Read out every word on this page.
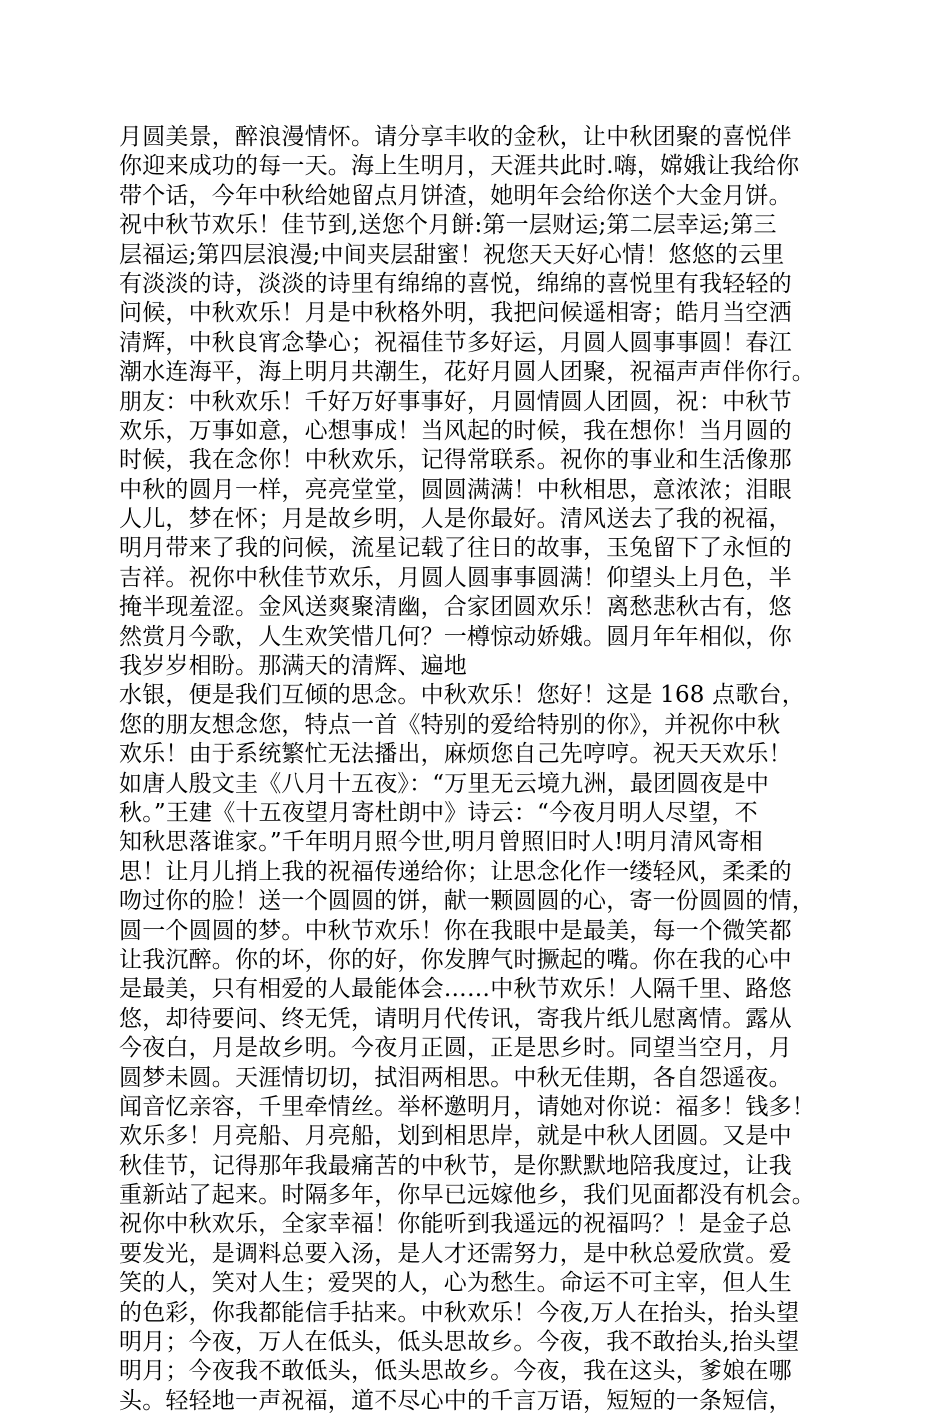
月圆美景，醉浪漫情怀。请分享丰收的金秋，让中秋团聚的喜悦伴
你迎来成功的每一天。海上生明月，天涯共此时.嗨，嫦娥让我给你
带个话，今年中秋给她留点月饼渣，她明年会给你送个大金月饼。
祝中秋节欢乐！佳节到,送您个月餅:第一层财运;第二层幸运;第三
层福运;第四层浪漫;中间夹层甜蜜！祝您天天好心情！悠悠的云里
有淡淡的诗，淡淡的诗里有绵绵的喜悦，绵绵的喜悦里有我轻轻的
问候，中秋欢乐！月是中秋格外明，我把问候遥相寄；皓月当空洒
清辉，中秋良宵念挚心；祝福佳节多好运，月圆人圆事事圆！春江
潮水连海平，海上明月共潮生，花好月圆人团聚，祝福声声伴你行。
朋友：中秋欢乐！千好万好事事好，月圆情圆人团圆，祝：中秋节
欢乐，万事如意，心想事成！当风起的时候，我在想你！当月圆的
时候，我在念你！中秋欢乐，记得常联系。祝你的事业和生活像那
中秋的圆月一样，亮亮堂堂，圆圆满满！中秋相思，意浓浓；泪眼
人儿，梦在怀；月是故乡明，人是你最好。清风送去了我的祝福，
明月带来了我的问候，流星记载了往日的故事，玉兔留下了永恒的
吉祥。祝你中秋佳节欢乐，月圆人圆事事圆满！仰望头上月色，半
掩半现羞涩。金风送爽聚清幽，合家团圆欢乐！离愁悲秋古有，悠
然赏月今歌，人生欢笑惜几何？一樽惊动娇娥。圆月年年相似，你
我岁岁相盼。那满天的清辉、遍地
水银，便是我们互倾的思念。中秋欢乐！您好！这是 168 点歌台，
您的朋友想念您，特点一首《特别的爱给特别的你》，并祝你中秋
欢乐！由于系统繁忙无法播出，麻烦您自己先哼哼。祝天天欢乐！
如唐人殷文圭《八月十五夜》：“万里无云境九洲，最团圆夜是中
秋。”王建《十五夜望月寄杜朗中》诗云：“今夜月明人尽望，不
知秋思落谁家。”千年明月照今世,明月曾照旧时人!明月清风寄相
思！让月儿捎上我的祝福传递给你；让思念化作一缕轻风，柔柔的
吻过你的脸！送一个圆圆的饼，献一颗圆圆的心，寄一份圆圆的情，
圆一个圆圆的梦。中秋节欢乐！你在我眼中是最美，每一个微笑都
让我沉醉。你的坏，你的好，你发脾气时撅起的嘴。你在我的心中
是最美，只有相爱的人最能体会……中秋节欢乐！人隔千里、路悠
悠，却待要问、终无凭，请明月代传讯，寄我片纸儿慰离情。露从
今夜白，月是故乡明。今夜月正圆，正是思乡时。同望当空月，月
圆梦未圆。天涯情切切，拭泪两相思。中秋无佳期，各自怨遥夜。
闻音忆亲容，千里牵情丝。举杯邀明月，请她对你说：福多！钱多！
欢乐多！月亮船、月亮船，划到相思岸，就是中秋人团圆。又是中
秋佳节，记得那年我最痛苦的中秋节，是你默默地陪我度过，让我
重新站了起来。时隔多年，你早已远嫁他乡，我们见面都没有机会。
祝你中秋欢乐，全家幸福！你能听到我遥远的祝福吗？！是金子总
要发光，是调料总要入汤，是人才还需努力，是中秋总爱欣赏。爱
笑的人，笑对人生；爱哭的人，心为愁生。命运不可主宰，但人生
的色彩，你我都能信手拈来。中秋欢乐！今夜,万人在抬头，抬头望
明月；今夜，万人在低头，低头思故乡。今夜，我不敢抬头,抬头望
明月；今夜我不敢低头，低头思故乡。今夜，我在这头，爹娘在哪
头。轻轻地一声祝福，道不尽心中的千言万语，短短的一条短信，
